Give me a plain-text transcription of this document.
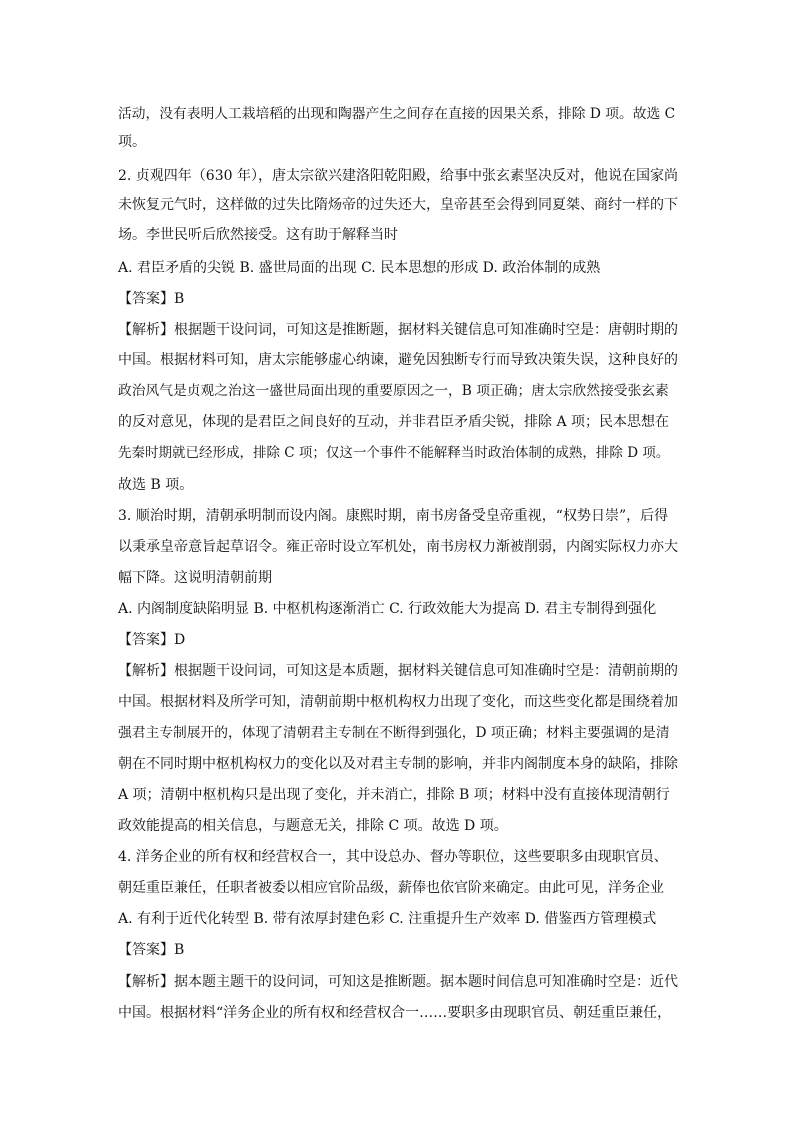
活动，没有表明人工栽培稻的出现和陶器产生之间存在直接的因果关系，排除 D 项。故选 C
项。
2. 贞观四年（630 年），唐太宗欲兴建洛阳乾阳殿，给事中张玄素坚决反对，他说在国家尚
未恢复元气时，这样做的过失比隋炀帝的过失还大，皇帝甚至会得到同夏桀、商纣一样的下
场。李世民听后欣然接受。这有助于解释当时
A. 君臣矛盾的尖锐 B. 盛世局面的出现 C. 民本思想的形成 D. 政治体制的成熟
【答案】B
【解析】根据题干设问词，可知这是推断题，据材料关键信息可知准确时空是：唐朝时期的
中国。根据材料可知，唐太宗能够虚心纳谏，避免因独断专行而导致决策失误，这种良好的
政治风气是贞观之治这一盛世局面出现的重要原因之一，B 项正确；唐太宗欣然接受张玄素
的反对意见，体现的是君臣之间良好的互动，并非君臣矛盾尖锐，排除 A 项；民本思想在
先秦时期就已经形成，排除 C 项；仅这一个事件不能解释当时政治体制的成熟，排除 D 项。
故选 B 项。
3. 顺治时期，清朝承明制而设内阁。康熙时期，南书房备受皇帝重视，“权势日崇”，后得
以秉承皇帝意旨起草诏令。雍正帝时设立军机处，南书房权力渐被削弱，内阁实际权力亦大
幅下降。这说明清朝前期
A. 内阁制度缺陷明显 B. 中枢机构逐渐消亡 C. 行政效能大为提高 D. 君主专制得到强化
【答案】D
【解析】根据题干设问词，可知这是本质题，据材料关键信息可知准确时空是：清朝前期的
中国。根据材料及所学可知，清朝前期中枢机构权力出现了变化，而这些变化都是围绕着加
强君主专制展开的，体现了清朝君主专制在不断得到强化，D 项正确；材料主要强调的是清
朝在不同时期中枢机构权力的变化以及对君主专制的影响，并非内阁制度本身的缺陷，排除
A 项；清朝中枢机构只是出现了变化，并未消亡，排除 B 项；材料中没有直接体现清朝行
政效能提高的相关信息，与题意无关，排除 C 项。故选 D 项。
4. 洋务企业的所有权和经营权合一，其中设总办、督办等职位，这些要职多由现职官员、
朝廷重臣兼任，任职者被委以相应官阶品级，薪俸也依官阶来确定。由此可见，洋务企业
A. 有利于近代化转型 B. 带有浓厚封建色彩 C. 注重提升生产效率 D. 借鉴西方管理模式
【答案】B
【解析】据本题主题干的设问词，可知这是推断题。据本题时间信息可知准确时空是：近代
中国。根据材料“洋务企业的所有权和经营权合一……要职多由现职官员、朝廷重臣兼任，
